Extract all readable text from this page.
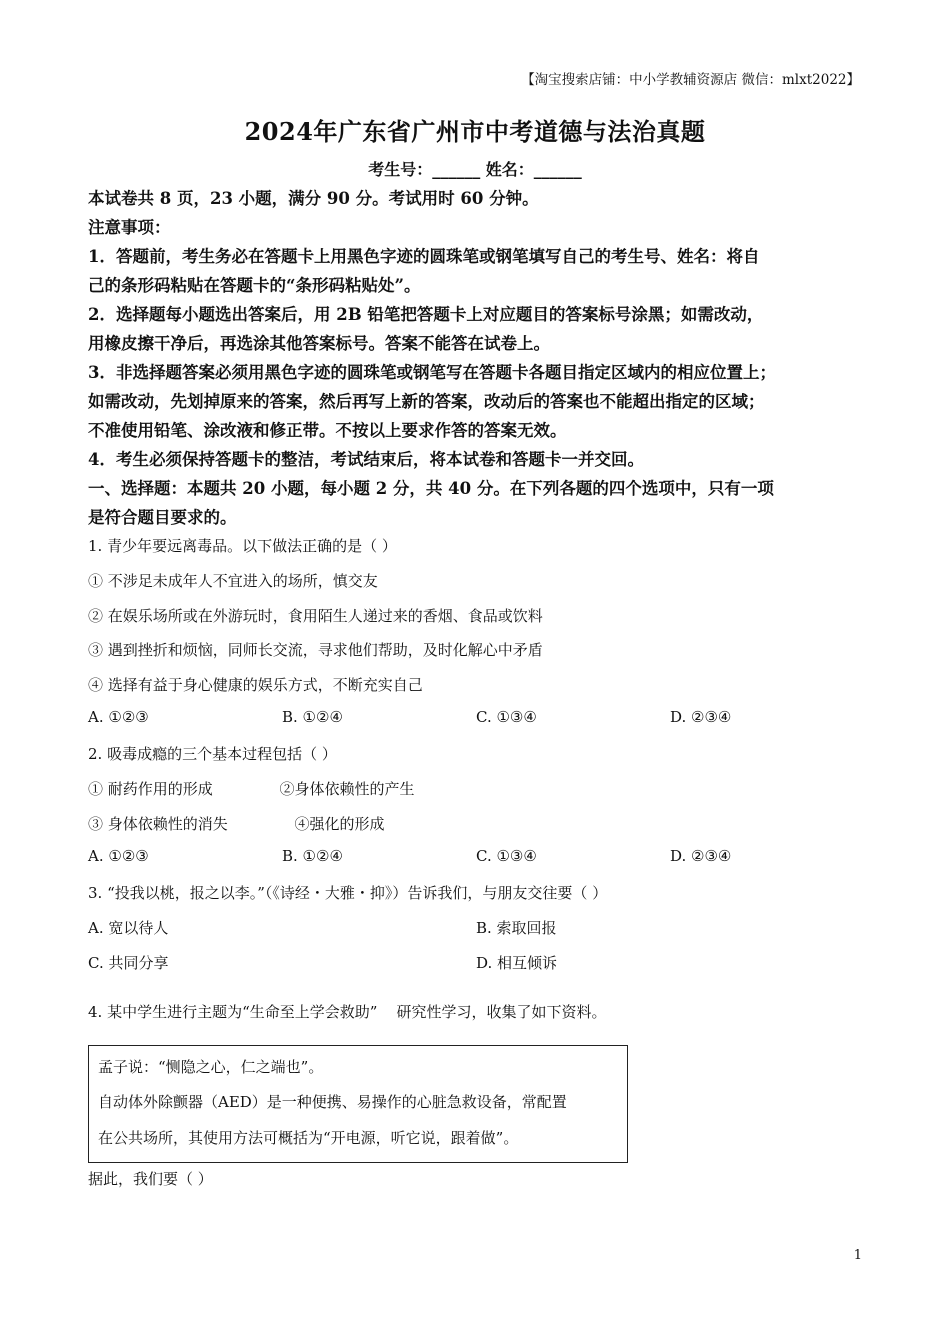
【淘宝搜索店铺：中小学教辅资源店 微信：mlxt2022】
2024年广东省广州市中考道德与法治真题
考生号：______ 姓名：______
本试卷共 8 页，23 小题，满分 90 分。考试用时 60 分钟。
注意事项：
1．答题前，考生务必在答题卡上用黑色字迹的圆珠笔或钢笔填写自己的考生号、姓名：将自
己的条形码粘贴在答题卡的“条形码粘贴处”。
2．选择题每小题选出答案后，用 2B 铅笔把答题卡上对应题目的答案标号涂黑；如需改动，
用橡皮擦干净后，再选涂其他答案标号。答案不能答在试卷上。
3．非选择题答案必须用黑色字迹的圆珠笔或钢笔写在答题卡各题目指定区域内的相应位置上；
如需改动，先划掉原来的答案，然后再写上新的答案，改动后的答案也不能超出指定的区域；
不准使用铅笔、涂改液和修正带。不按以上要求作答的答案无效。
4．考生必须保持答题卡的整洁，考试结束后，将本试卷和答题卡一并交回。
一、选择题：本题共 20 小题，每小题 2 分，共 40 分。在下列各题的四个选项中，只有一项
是符合题目要求的。
1. 青少年要远离毒品。以下做法正确的是（ ）
① 不涉足未成年人不宜进入的场所，慎交友
② 在娱乐场所或在外游玩时，食用陌生人递过来的香烟、食品或饮料
③ 遇到挫折和烦恼，同师长交流，寻求他们帮助，及时化解心中矛盾
④ 选择有益于身心健康的娱乐方式，不断充实自己
A. ①②③	B. ①②④	C. ①③④	D. ②③④
2. 吸毒成瘾的三个基本过程包括（ ）
① 耐药作用的形成              ②身体依赖性的产生
③ 身体依赖性的消失              ④强化的形成
A. ①②③	B. ①②④	C. ①③④	D. ②③④
3. “投我以桃，报之以李。”（《诗经・大雅・抑》）告诉我们，与朋友交往要（ ）
A. 宽以待人	B. 索取回报
C. 共同分享	D. 相互倾诉
4. 某中学生进行主题为“生命至上学会救助”    研究性学习，收集了如下资料。
孟子说：“恻隐之心，仁之端也”。
自动体外除颤器（AED）是一种便携、易操作的心脏急救设备，常配置
在公共场所，其使用方法可概括为“开电源，听它说，跟着做”。
据此，我们要（ ）
1
